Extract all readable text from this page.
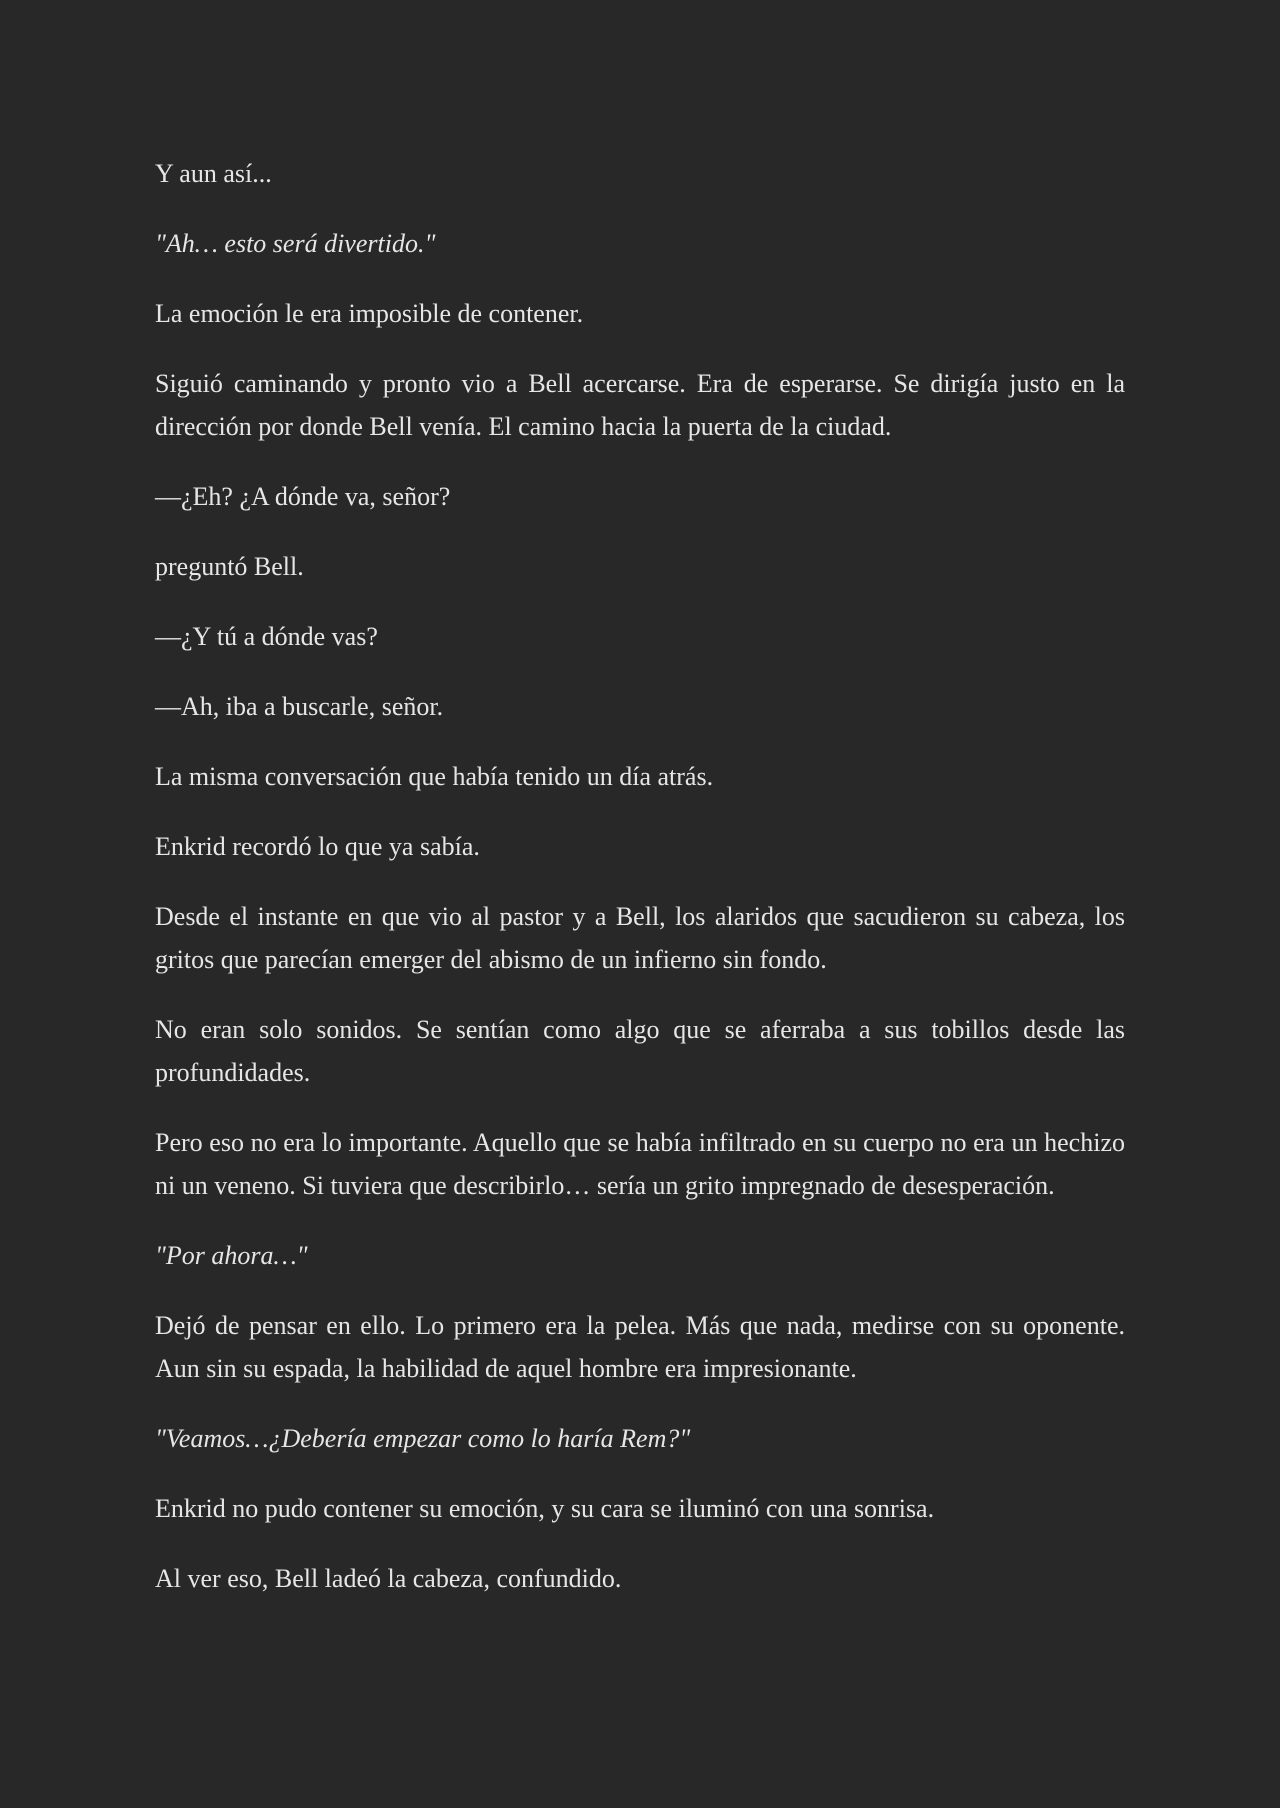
Y aun así...

"Ah… esto será divertido."

La emoción le era imposible de contener.

Siguió caminando y pronto vio a Bell acercarse. Era de esperarse. Se dirigía justo en la dirección por donde Bell venía. El camino hacia la puerta de la ciudad.

—¿Eh? ¿A dónde va, señor?

preguntó Bell.

—¿Y tú a dónde vas?

—Ah, iba a buscarle, señor.

La misma conversación que había tenido un día atrás.

Enkrid recordó lo que ya sabía.

Desde el instante en que vio al pastor y a Bell, los alaridos que sacudieron su cabeza, los gritos que parecían emerger del abismo de un infierno sin fondo.

No eran solo sonidos. Se sentían como algo que se aferraba a sus tobillos desde las profundidades.

Pero eso no era lo importante. Aquello que se había infiltrado en su cuerpo no era un hechizo ni un veneno. Si tuviera que describirlo… sería un grito impregnado de desesperación.

"Por ahora…"

Dejó de pensar en ello. Lo primero era la pelea. Más que nada, medirse con su oponente. Aun sin su espada, la habilidad de aquel hombre era impresionante.

"Veamos…¿Debería empezar como lo haría Rem?"

Enkrid no pudo contener su emoción, y su cara se iluminó con una sonrisa.

Al ver eso, Bell ladeó la cabeza, confundido.
